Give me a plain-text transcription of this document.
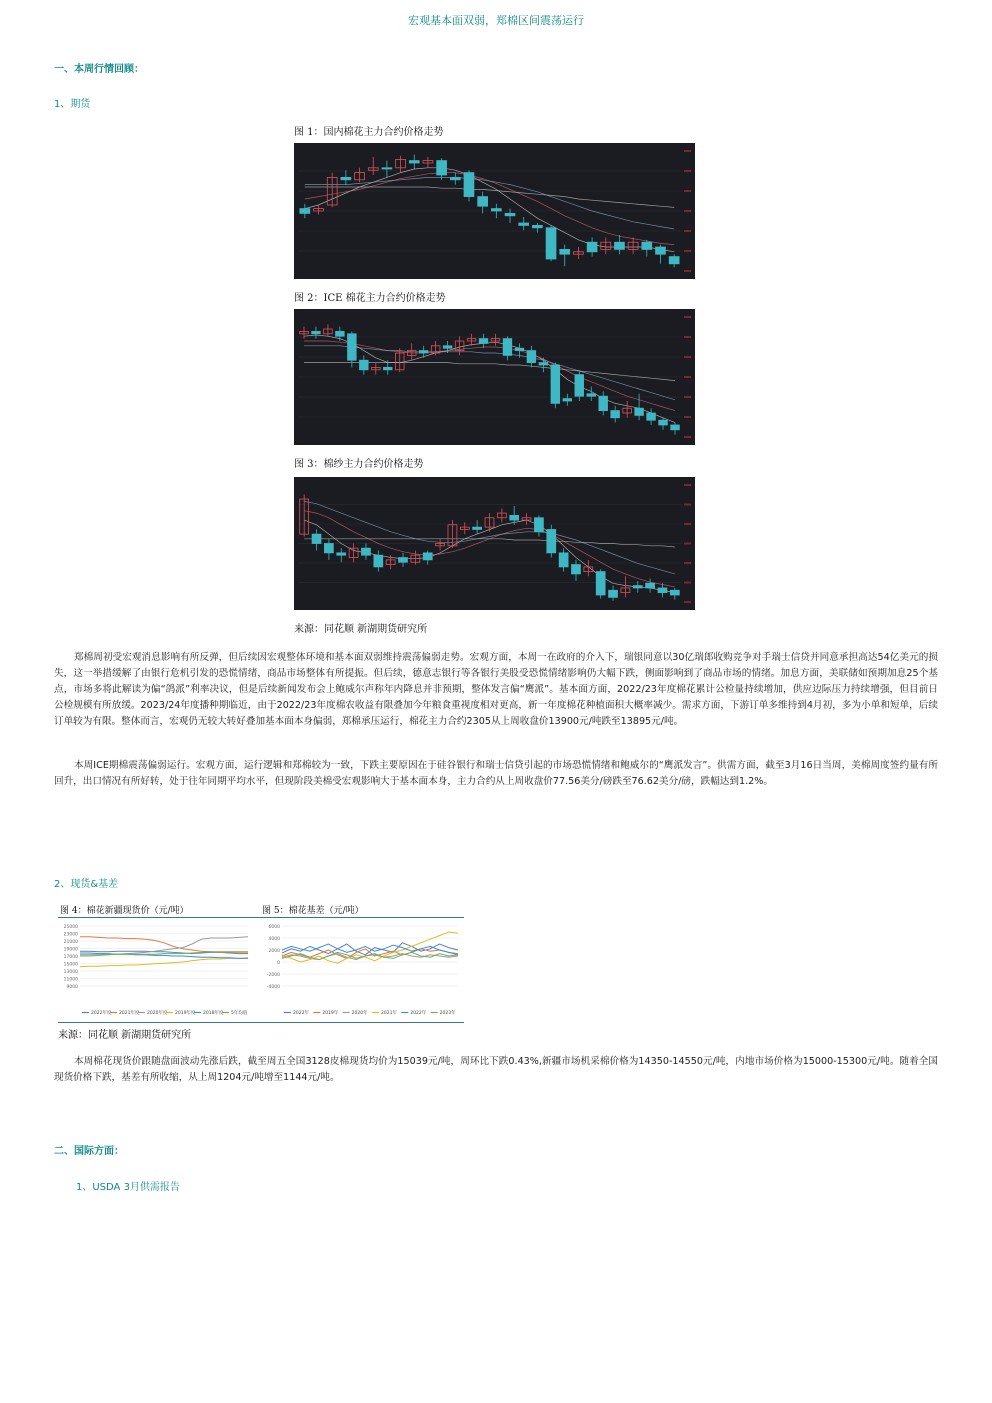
宏观基本面双弱，郑棉区间震荡运行
一、本周行情回顾：
1、期货
图 1：国内棉花主力合约价格走势
图 2：ICE 棉花主力合约价格走势
图 3：棉纱主力合约价格走势
来源：同花顺 新湖期货研究所
郑棉周初受宏观消息影响有所反弹，但后续因宏观整体环境和基本面双弱维持震荡偏弱走势。宏观方面，本周一在政府的介入下，瑞银同意以30亿瑞郎收购竞争对手瑞士信贷并同意承担高达54亿美元的损失，这一举措缓解了由银行危机引发的恐慌情绪，商品市场整体有所提振。但后续，德意志银行等各银行美股受恐慌情绪影响仍大幅下跌，侧面影响到了商品市场的情绪。加息方面，美联储如预期加息25个基点，市场多将此解读为偏“鸽派”利率决议，但是后续新闻发布会上鲍威尔声称年内降息并非预期，整体发言偏“鹰派”。基本面方面，2022/23年度棉花累计公检量持续增加，供应边际压力持续增强，但目前日公检规模有所放缓。2023/24年度播种期临近，由于2022/23年度棉农收益有限叠加今年粮食重视度相对更高，新一年度棉花种植面积大概率减少。需求方面，下游订单多维持到4月初，多为小单和短单，后续订单较为有限。整体而言，宏观仍无较大转好叠加基本面本身偏弱，郑棉承压运行，棉花主力合约2305从上周收盘价13900元/吨跌至13895元/吨。
本周ICE期棉震荡偏弱运行。宏观方面，运行逻辑和郑棉较为一致，下跌主要原因在于硅谷银行和瑞士信贷引起的市场恐慌情绪和鲍威尔的“鹰派发言”。供需方面，截至3月16日当周，美棉周度签约量有所回升，出口情况有所好转，处于往年同期平均水平，但现阶段美棉受宏观影响大于基本面本身，主力合约从上周收盘价77.56美分/磅跌至76.62美分/磅，跌幅达到1.2%。
2、现货&基差
图 4：棉花新疆现货价（元/吨）	图 5：棉花基差（元/吨）
25000
23000
21000
19000
17000
15000
13000
11000
9000
2022年度 2021年度 2020年度 2019年度 2018年度 5年均值
6000
4000
2000
0
-2000
-4000
2022年	2019年	2020年	2021年	2022年	2023年
来源：同花顺 新湖期货研究所
本周棉花现货价跟随盘面波动先涨后跌，截至周五全国3128皮棉现货均价为15039元/吨，周环比下跌0.43%,新疆市场机采棉价格为14350-14550元/吨，内地市场价格为15000-15300元/吨。随着全国现货价格下跌，基差有所收缩，从上周1204元/吨增至1144元/吨。
二、国际方面：
1、USDA 3月供需报告
